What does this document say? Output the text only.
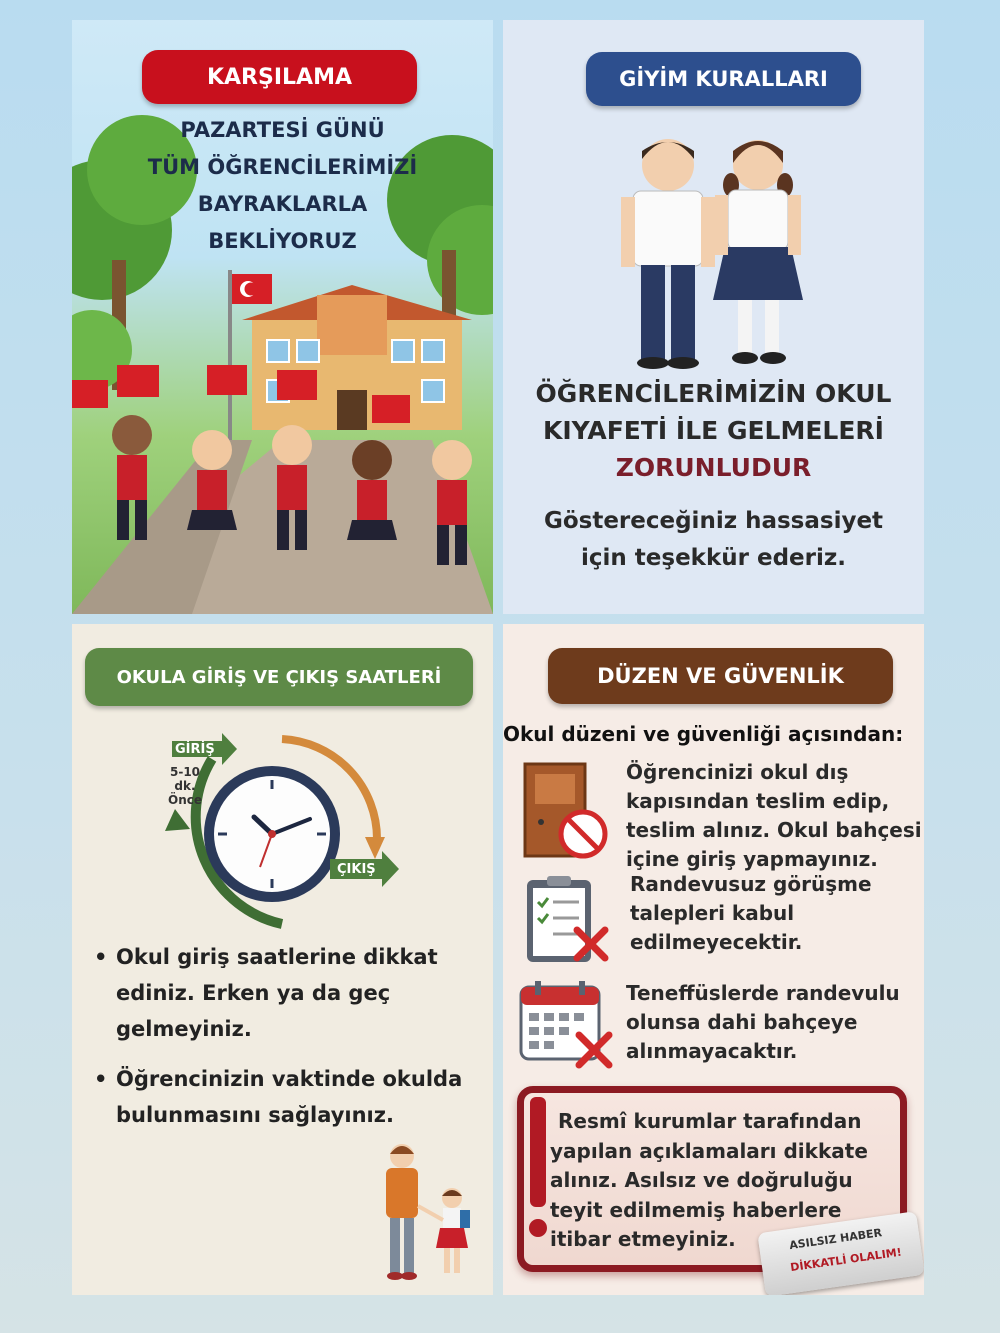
KARŞILAMA
PAZARTESİ GÜNÜ
TÜM ÖĞRENCİLERİMİZİ
BAYRAKLARLA
BEKLİYORUZ
GİYİM KURALLARI
ÖĞRENCİLERİMİZİN OKUL
KIYAFETİ İLE GELMELERİ
ZORUNLUDUR
Göstereceğiniz hassasiyet
için teşekkür ederiz.
OKULA GİRİŞ VE ÇIKIŞ SAATLERİ
GİRİŞ
5-10 dk.
Önce
ÇIKIŞ
• Okul giriş saatlerine dikkat
ediniz. Erken ya da geç
gelmeyiniz.
• Öğrencinizin vaktinde okulda
bulunmasını sağlayınız.
DÜZEN VE GÜVENLİK
Okul düzeni ve güvenliği açısından:
Öğrencinizi okul dış
kapısından teslim edip,
teslim alınız. Okul bahçesi
içine giriş yapmayınız.
Randevusuz görüşme
talepleri kabul
edilmeyecektir.
Teneffüslerde randevulu
olunsa dahi bahçeye
alınmayacaktır.
Resmî kurumlar tarafından
yapılan açıklamaları dikkate
alınız. Asılsız ve doğruluğu
teyit edilmemiş haberlere
itibar etmeyiniz.	ASILSIZ HABER
DİKKATLİ OLALIM!
